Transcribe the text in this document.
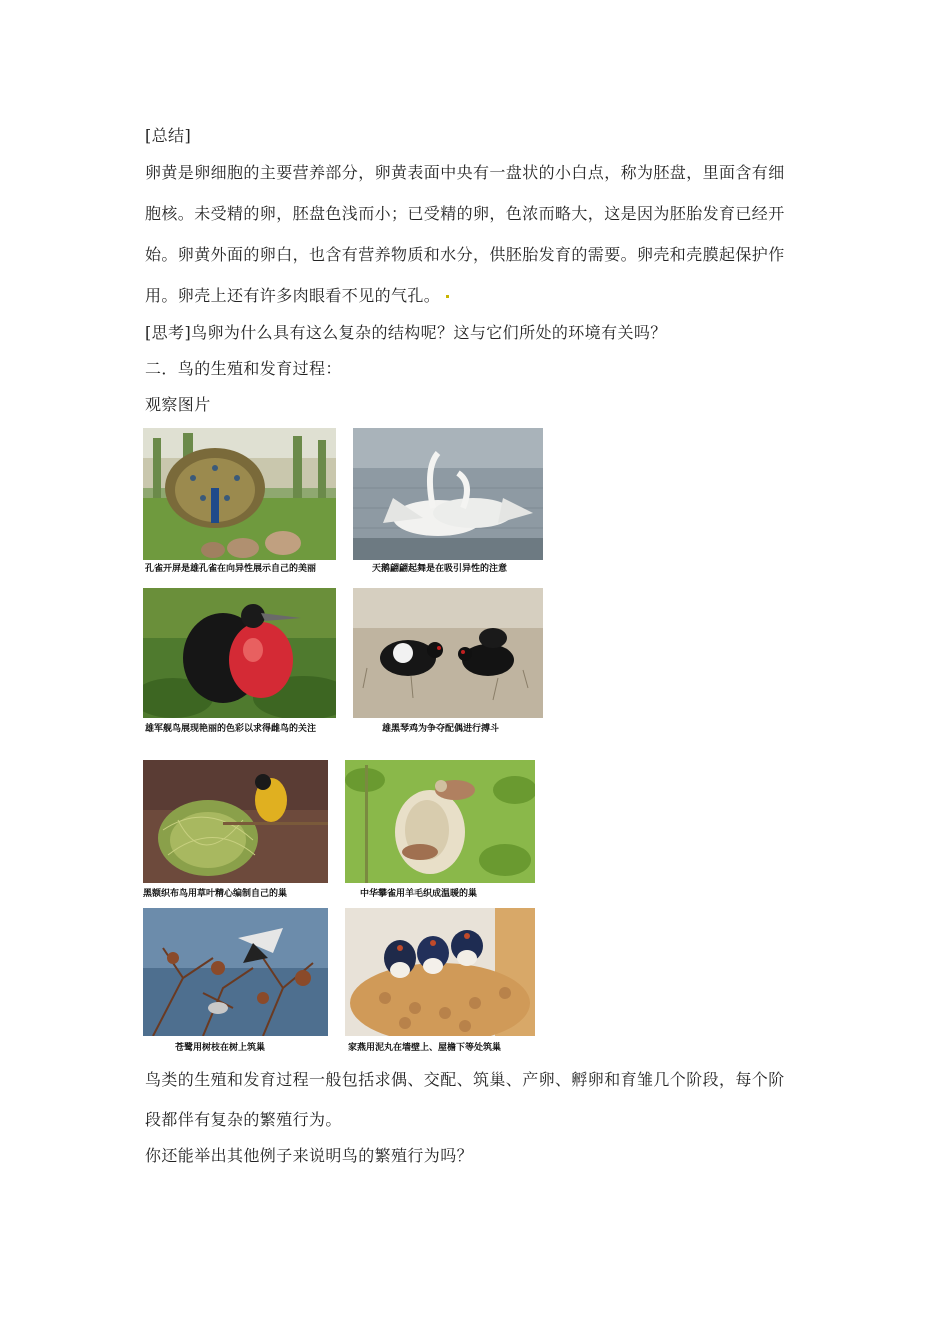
[总结]
卵黄是卵细胞的主要营养部分，卵黄表面中央有一盘状的小白点，称为胚盘，里面含有细
胞核。未受精的卵，胚盘色浅而小；已受精的卵，色浓而略大，这是因为胚胎发育已经开
始。卵黄外面的卵白，也含有营养物质和水分，供胚胎发育的需要。卵壳和壳膜起保护作
用。卵壳上还有许多肉眼看不见的气孔。
[思考]鸟卵为什么具有这么复杂的结构呢？这与它们所处的环境有关吗？
二．鸟的生殖和发育过程：
观察图片
孔雀开屏是雄孔雀在向异性展示自己的美丽	天鹅翩翩起舞是在吸引异性的注意
雄军舰鸟展现艳丽的色彩以求得雌鸟的关注	雄黑琴鸡为争夺配偶进行搏斗
黑额织布鸟用草叶精心编制自己的巢	中华攀雀用羊毛织成温暖的巢
苍鹭用树枝在树上筑巢	家燕用泥丸在墙壁上、屋檐下等处筑巢
鸟类的生殖和发育过程一般包括求偶、交配、筑巢、产卵、孵卵和育雏几个阶段，每个阶
段都伴有复杂的繁殖行为。
你还能举出其他例子来说明鸟的繁殖行为吗？
